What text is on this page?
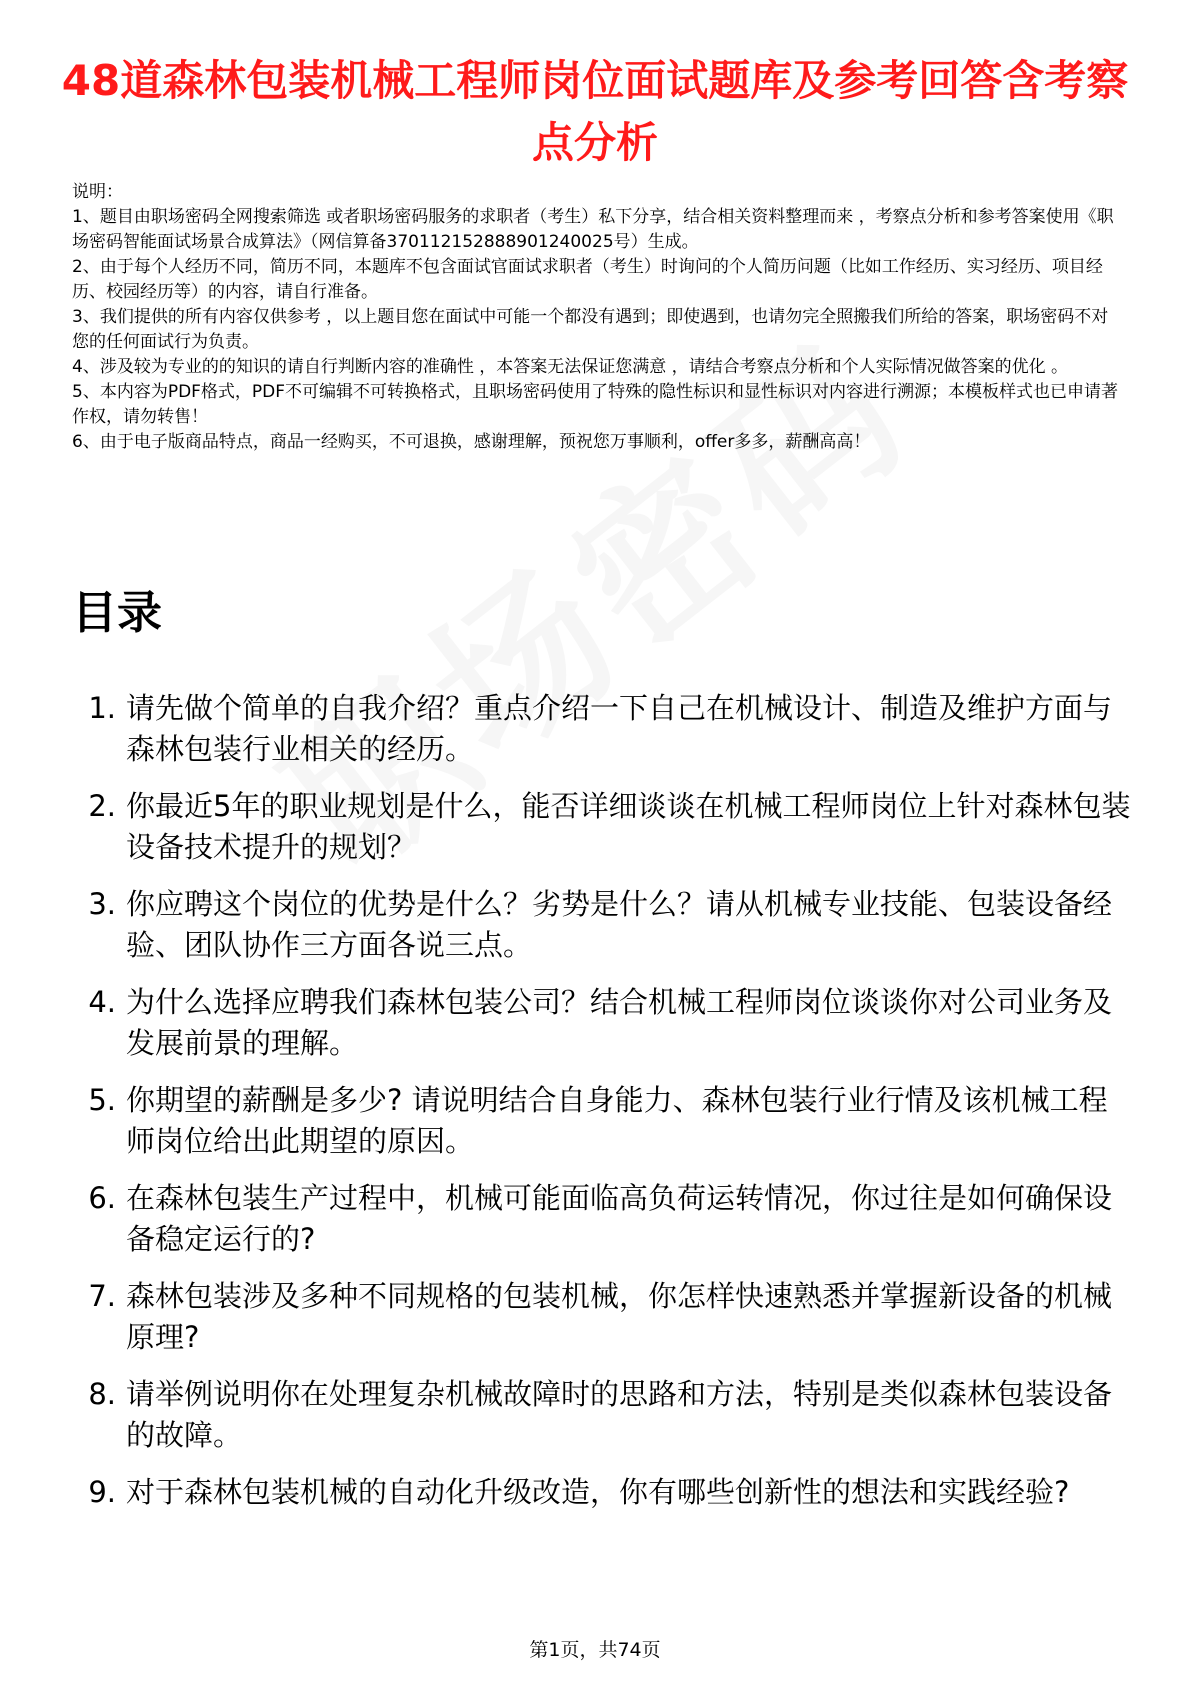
48道森林包装机械工程师岗位面试题库及参考回答含考察点分析

说明：

1、题目由职场密码全网搜索筛选 或者职场密码服务的求职者（考生）私下分享，结合相关资料整理而来 ，考察点分析和参考答案使用《职场密码智能面试场景合成算法》（网信算备370112152888901240025号）生成。

2、由于每个人经历不同，简历不同，本题库不包含面试官面试求职者（考生）时询问的个人简历问题（比如工作经历、实习经历、项目经历、校园经历等）的内容，请自行准备。

3、我们提供的所有内容仅供参考 ，以上题目您在面试中可能一个都没有遇到；即使遇到，也请勿完全照搬我们所给的答案，职场密码不对您的任何面试行为负责。

4、涉及较为专业的的知识的请自行判断内容的准确性 ，本答案无法保证您满意 ，请结合考察点分析和个人实际情况做答案的优化 。

5、本内容为PDF格式，PDF不可编辑不可转换格式，且职场密码使用了特殊的隐性标识和显性标识对内容进行溯源；本模板样式也已申请著作权，请勿转售！

6、由于电子版商品特点，商品一经购买，不可退换，感谢理解，预祝您万事顺利，offer多多，薪酬高高！

目录
1. 请先做个简单的自我介绍？重点介绍一下自己在机械设计、制造及维护方面与森林包装行业相关的经历。
2. 你最近5年的职业规划是什么，能否详细谈谈在机械工程师岗位上针对森林包装设备技术提升的规划？
3. 你应聘这个岗位的优势是什么？劣势是什么？请从机械专业技能、包装设备经验、团队协作三方面各说三点。
4. 为什么选择应聘我们森林包装公司？结合机械工程师岗位谈谈你对公司业务及发展前景的理解。
5. 你期望的薪酬是多少? 请说明结合自身能力、森林包装行业行情及该机械工程师岗位给出此期望的原因。
6. 在森林包装生产过程中，机械可能面临高负荷运转情况，你过往是如何确保设备稳定运行的?
7. 森林包装涉及多种不同规格的包装机械，你怎样快速熟悉并掌握新设备的机械原理?
8. 请举例说明你在处理复杂机械故障时的思路和方法，特别是类似森林包装设备的故障。
9. 对于森林包装机械的自动化升级改造，你有哪些创新性的想法和实践经验?
第1页，共74页
